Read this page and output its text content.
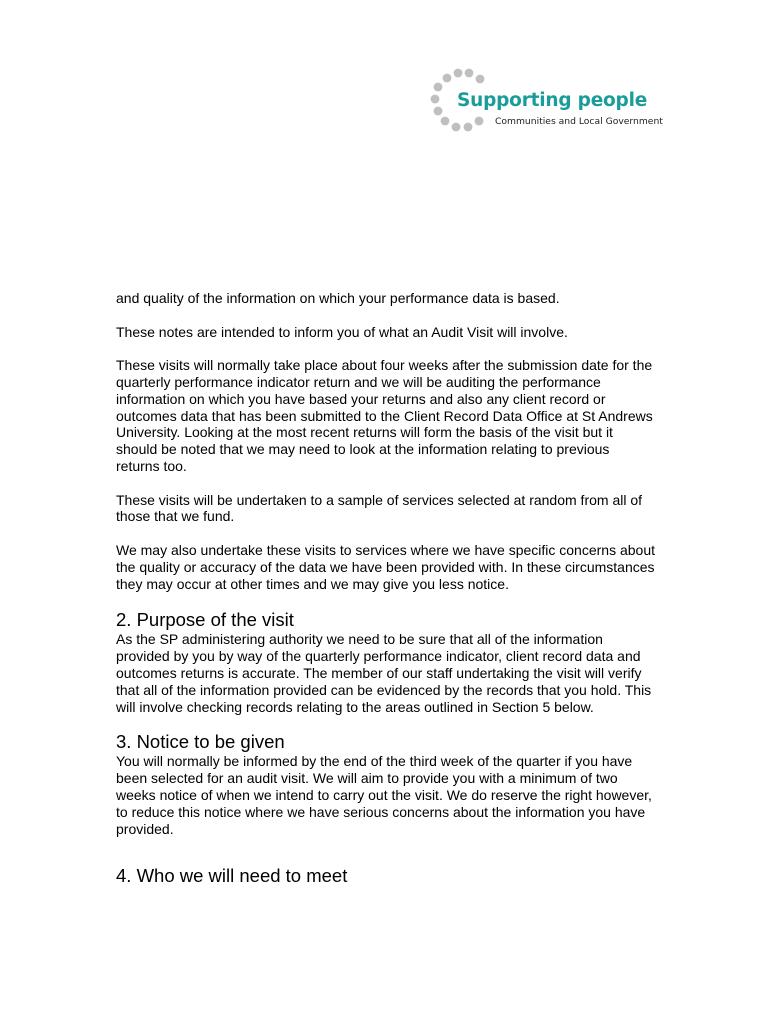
Supporting people
Communities and Local Government

and quality of the information on which your performance data is based.

These notes are intended to inform you of what an Audit Visit will involve.

These visits will normally take place about four weeks after the submission date for the quarterly performance indicator return and we will be auditing the performance information on which you have based your returns and also any client record or outcomes data that has been submitted to the Client Record Data Office at St Andrews University. Looking at the most recent returns will form the basis of the visit but it should be noted that we may need to look at the information relating to previous returns too.

These visits will be undertaken to a sample of services selected at random from all of those that we fund.

We may also undertake these visits to services where we have specific concerns about the quality or accuracy of the data we have been provided with. In these circumstances they may occur at other times and we may give you less notice.

2. Purpose of the visit

As the SP administering authority we need to be sure that all of the information provided by you by way of the quarterly performance indicator, client record data and outcomes returns is accurate. The member of our staff undertaking the visit will verify that all of the information provided can be evidenced by the records that you hold. This will involve checking records relating to the areas outlined in Section 5 below.

3. Notice to be given

You will normally be informed by the end of the third week of the quarter if you have been selected for an audit visit. We will aim to provide you with a minimum of two weeks notice of when we intend to carry out the visit. We do reserve the right however, to reduce this notice where we have serious concerns about the information you have provided.

4. Who we will need to meet
